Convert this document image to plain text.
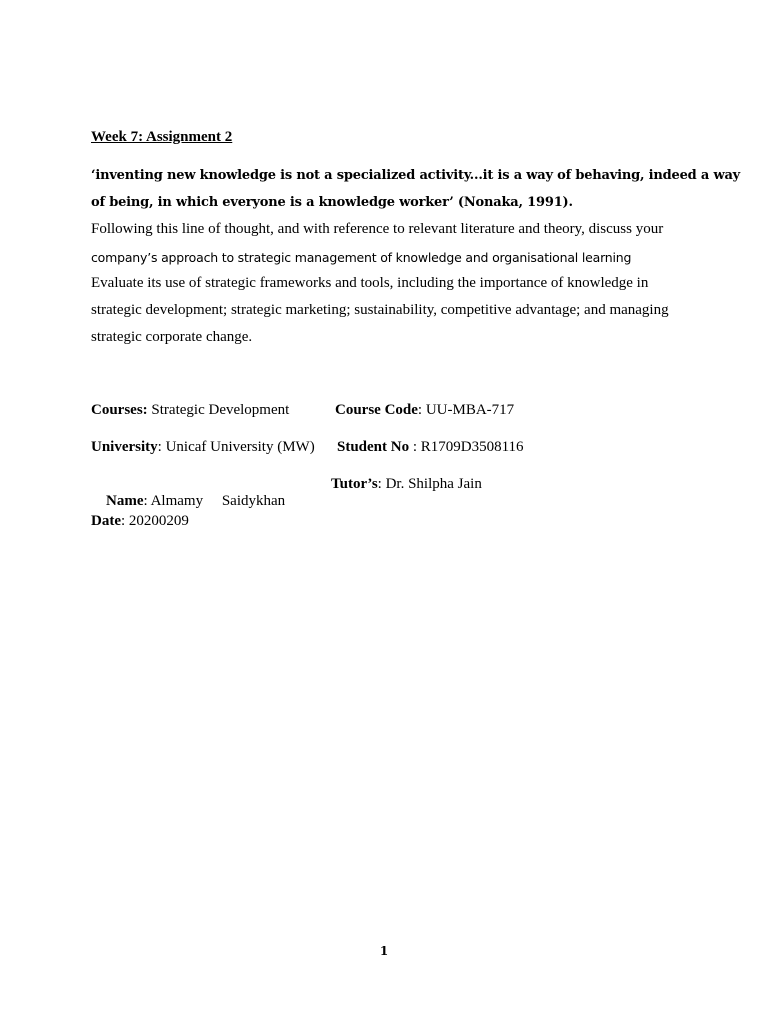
Week 7: Assignment 2
‘inventing new knowledge is not a specialized activity...it is a way of behaving, indeed a way
of being, in which everyone is a knowledge worker’ (Nonaka, 1991).
Following this line of thought, and with reference to relevant literature and theory, discuss your
company’s approach to strategic management of knowledge and organisational learning
Evaluate its use of strategic frameworks and tools, including the importance of knowledge in
strategic development; strategic marketing; sustainability, competitive advantage; and managing
strategic corporate change.
Courses: Strategic Development	Course Code: UU-MBA-717
University: Unicaf University (MW) Student No : R1709D3508116

Name: Almamy     Saidykhan

Tutor’s: Dr. Shilpha Jain
Date: 20200209
1
